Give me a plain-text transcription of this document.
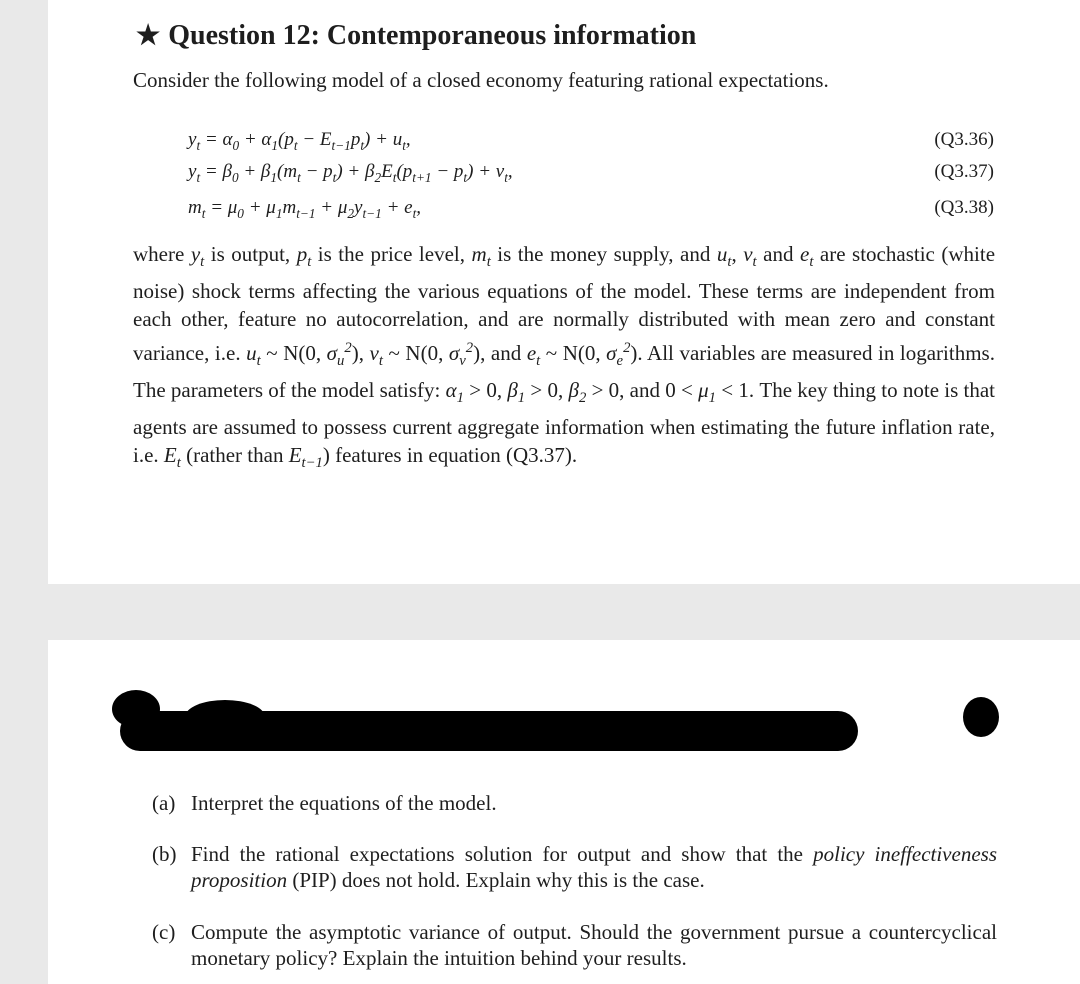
★ Question 12: Contemporaneous information
Consider the following model of a closed economy featuring rational expectations.
$y_t = \alpha_0 + \alpha_1(p_t - E_{t-1}p_t) + u_t$,	(Q3.36)
$y_t = \beta_0 + \beta_1(m_t - p_t) + \beta_2E_t(p_{t+1} - p_t) + v_t$,	(Q3.37)
$m_t = \mu_0 + \mu_1m_{t-1} + \mu_2y_{t-1} + e_t$,	(Q3.38)

where $y_t$ is output, $p_t$ is the price level, $m_t$ is the money supply, and $u_t$, $v_t$ and $e_t$ are stochastic (white noise) shock terms affecting the various equations of the model. These terms are independent from each other, feature no autocorrelation, and are normally distributed with mean zero and constant variance, i.e. $u_t$ ~ N(0, $\sigma_u^2$), $v_t$ ~ N(0, $\sigma_v^2$), and $e_t$ ~ N(0, $\sigma_e^2$). All variables are measured in logarithms. The parameters of the model satisfy: $\alpha_1 > 0$, $\beta_1 > 0$, $\beta_2 > 0$, and $0 < \mu_1 < 1$. The key thing to note is that agents are assumed to possess current aggregate information when estimating the future inflation rate, i.e. $E_t$ (rather than $E_{t-1}$) features in equation (Q3.37).

(a) Interpret the equations of the model.
(b) Find the rational expectations solution for output and show that the policy ineffectiveness proposition (PIP) does not hold. Explain why this is the case.
(c) Compute the asymptotic variance of output. Should the government pursue a countercyclical monetary policy? Explain the intuition behind your results.
